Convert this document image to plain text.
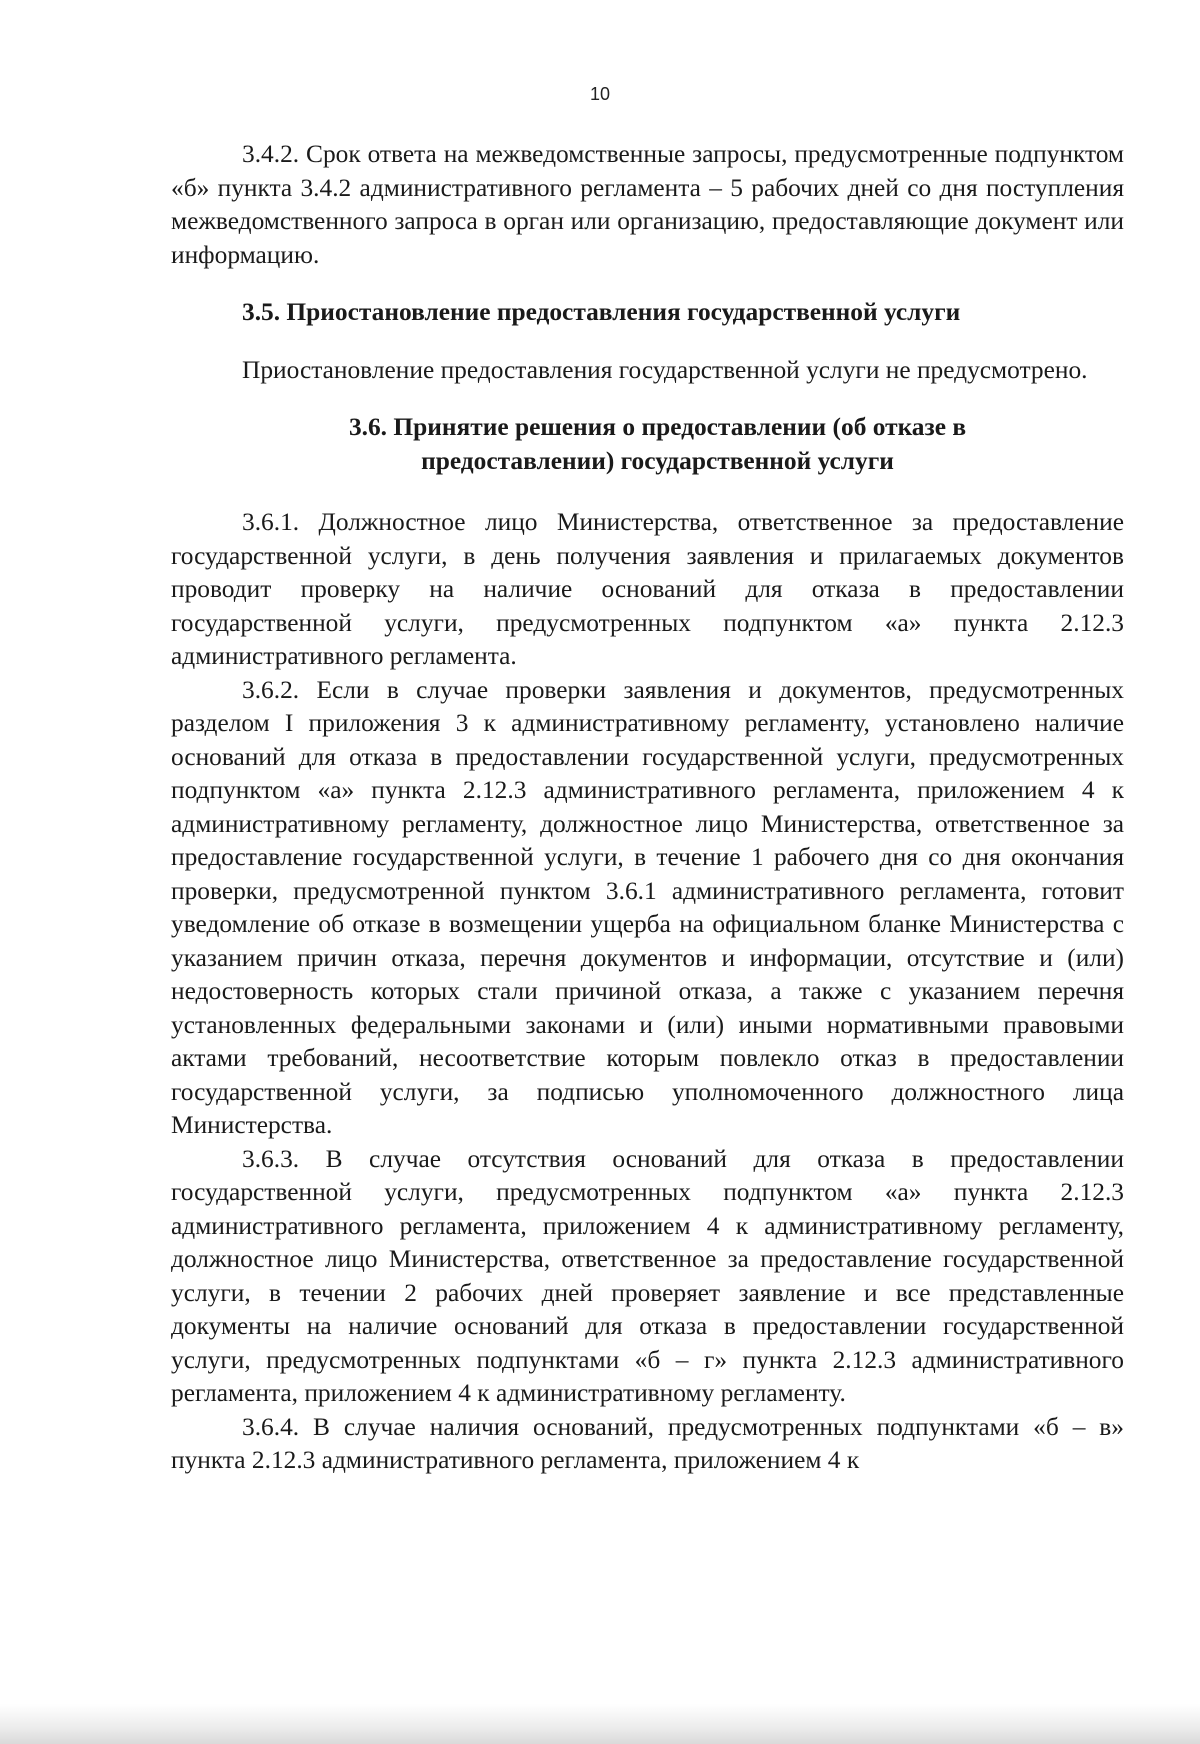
10

3.4.2. Срок ответа на межведомственные запросы, предусмотренные подпунктом «б» пункта 3.4.2 административного регламента – 5 рабочих дней со дня поступления межведомственного запроса в орган или организацию, предоставляющие документ или информацию.

3.5. Приостановление предоставления государственной услуги

Приостановление предоставления государственной услуги не предусмотрено.

3.6. Принятие решения о предоставлении (об отказе в предоставлении) государственной услуги

3.6.1. Должностное лицо Министерства, ответственное за предоставление государственной услуги, в день получения заявления и прилагаемых документов проводит проверку на наличие оснований для отказа в предоставлении государственной услуги, предусмотренных подпунктом «а» пункта 2.12.3 административного регламента.

3.6.2. Если в случае проверки заявления и документов, предусмотренных разделом I приложения 3 к административному регламенту, установлено наличие оснований для отказа в предоставлении государственной услуги, предусмотренных подпунктом «а» пункта 2.12.3 административного регламента, приложением 4 к административному регламенту, должностное лицо Министерства, ответственное за предоставление государственной услуги, в течение 1 рабочего дня со дня окончания проверки, предусмотренной пунктом 3.6.1 административного регламента, готовит уведомление об отказе в возмещении ущерба на официальном бланке Министерства с указанием причин отказа, перечня документов и информации, отсутствие и (или) недостоверность которых стали причиной отказа, а также с указанием перечня установленных федеральными законами и (или) иными нормативными правовыми актами требований, несоответствие которым повлекло отказ в предоставлении государственной услуги, за подписью уполномоченного должностного лица Министерства.

3.6.3. В случае отсутствия оснований для отказа в предоставлении государственной услуги, предусмотренных подпунктом «а» пункта 2.12.3 административного регламента, приложением 4 к административному регламенту, должностное лицо Министерства, ответственное за предоставление государственной услуги, в течении 2 рабочих дней проверяет заявление и все представленные документы на наличие оснований для отказа в предоставлении государственной услуги, предусмотренных подпунктами «б – г» пункта 2.12.3 административного регламента, приложением 4 к административному регламенту.

3.6.4. В случае наличия оснований, предусмотренных подпунктами «б – в» пункта 2.12.3 административного регламента, приложением 4 к
